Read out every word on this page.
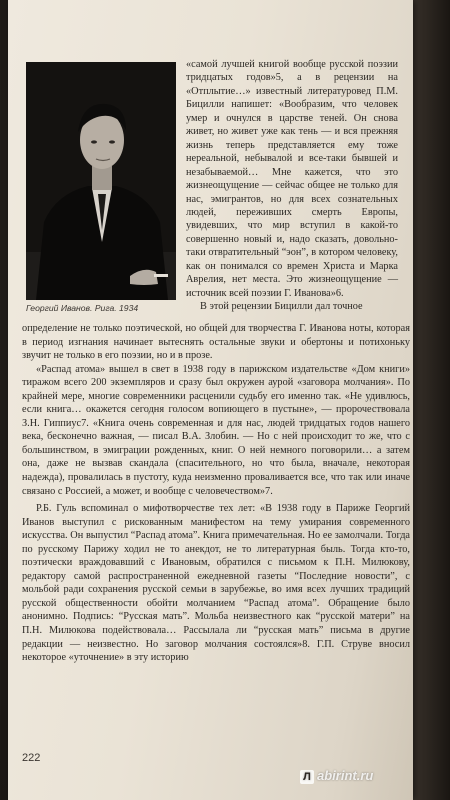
Георгий Иванов. Рига. 1934

«самой лучшей книгой вообще русской поэзии тридцатых годов»5, а в рецензии на «Отплытие…» известный литературовед П.М. Бицилли напишет: «Вообразим, что человек умер и очнулся в царстве теней. Он снова живет, но живет уже как тень — и вся прежняя жизнь теперь представляется ему тоже нереальной, небывалой и все-таки бывшей и незабываемой… Мне кажется, что это жизнеощущение — сейчас общее не только для нас, эмигрантов, но для всех сознательных людей, переживших смерть Европы, увидевших, что мир вступил в какой-то совершенно новый и, надо сказать, довольно-таки отвратительный “эон”, в котором человеку, как он понимался со времен Христа и Марка Аврелия, нет места. Это жизнеощущение — источник всей поэзии Г. Иванова»6.

В этой рецензии Бицилли дал точное

определение не только поэтической, но общей для творчества Г. Иванова ноты, которая в период изгнания начинает вытеснять остальные звуки и обертоны и потихоньку звучит не только в его поэзии, но и в прозе.

«Распад атома» вышел в свет в 1938 году в парижском издательстве «Дом книги» тиражом всего 200 экземпляров и сразу был окружен аурой «заговора молчания». По крайней мере, многие современники расценили судьбу его именно так. «Не удивлюсь, если книга… окажется сегодня голосом вопиющего в пустыне», — пророчествовала З.Н. Гиппиус7. «Книга очень современная и для нас, людей тридцатых годов нашего века, бесконечно важная, — писал В.А. Злобин. — Но с ней происходит то же, что с большинством, в эмиграции рожденных, книг. О ней немного поговорили… а затем она, даже не вызвав скандала (спасительного, но что была, вначале, некоторая надежда), провалилась в пустоту, куда неизменно проваливается все, что так или иначе связано с Россией, а может, и вообще с человечеством»7.

Р.Б. Гуль вспоминал о мифотворчестве тех лет: «В 1938 году в Париже Георгий Иванов выступил с рискованным манифестом на тему умирания современного искусства. Он выпустил “Распад атома”. Книга примечательная. Но ее замолчали. Тогда по русскому Парижу ходил не то анекдот, не то литературная быль. Тогда кто-то, поэтически враждовавший с Ивановым, обратился с письмом к П.Н. Милюкову, редактору самой распространенной ежедневной газеты “Последние новости”, с мольбой ради сохранения русской семьи в зарубежье, во имя всех лучших традиций русской общественности обойти молчанием “Распад атома”. Обращение было анонимно. Подпись: “Русская мать”. Мольба неизвестного как “русской матери” на П.Н. Милюкова подействовала… Рассылала ли “русская мать” письма в другие редакции — неизвестно. Но заговор молчания состоялся»8. Г.П. Струве вносил некоторое «уточнение» в эту историю

222
Л abirint.ru
